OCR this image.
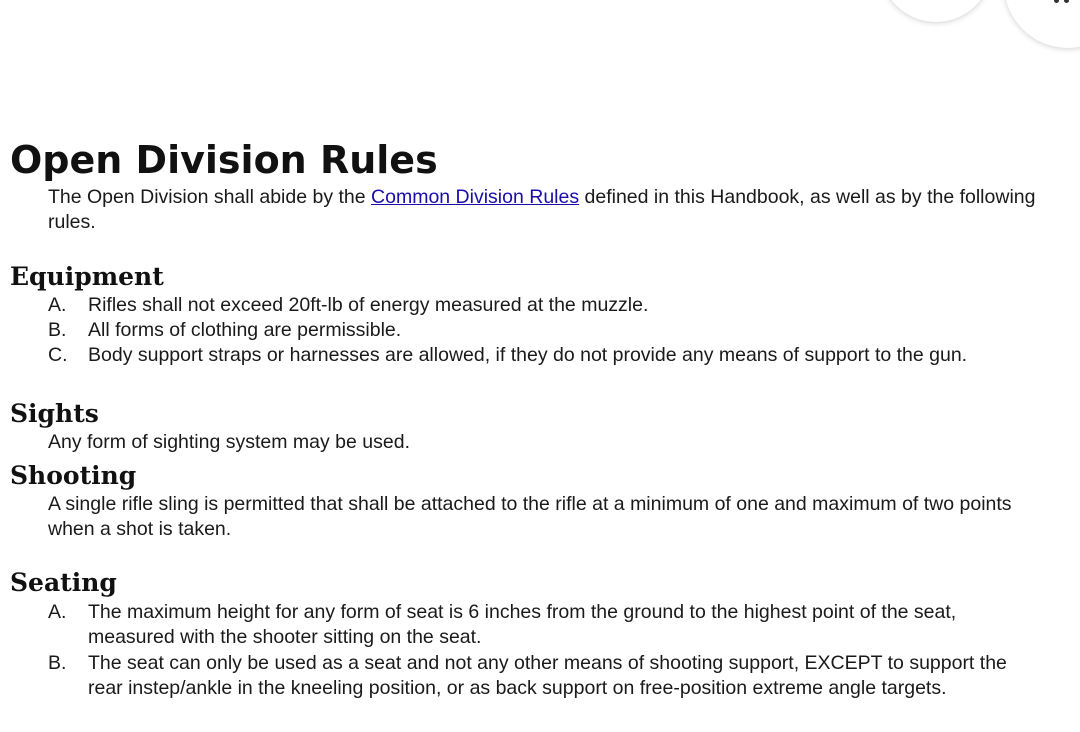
Open Division Rules

The Open Division shall abide by the Common Division Rules defined in this Handbook, as well as by the following rules.

Equipment
A. Rifles shall not exceed 20ft-lb of energy measured at the muzzle.
B. All forms of clothing are permissible.
C. Body support straps or harnesses are allowed, if they do not provide any means of support to the gun.
Sights

Any form of sighting system may be used.

Shooting

A single rifle sling is permitted that shall be attached to the rifle at a minimum of one and maximum of two points when a shot is taken.

Seating
A. The maximum height for any form of seat is 6 inches from the ground to the highest point of the seat, measured with the shooter sitting on the seat.
B. The seat can only be used as a seat and not any other means of shooting support, EXCEPT to support the rear instep/ankle in the kneeling position, or as back support on free-position extreme angle targets.
